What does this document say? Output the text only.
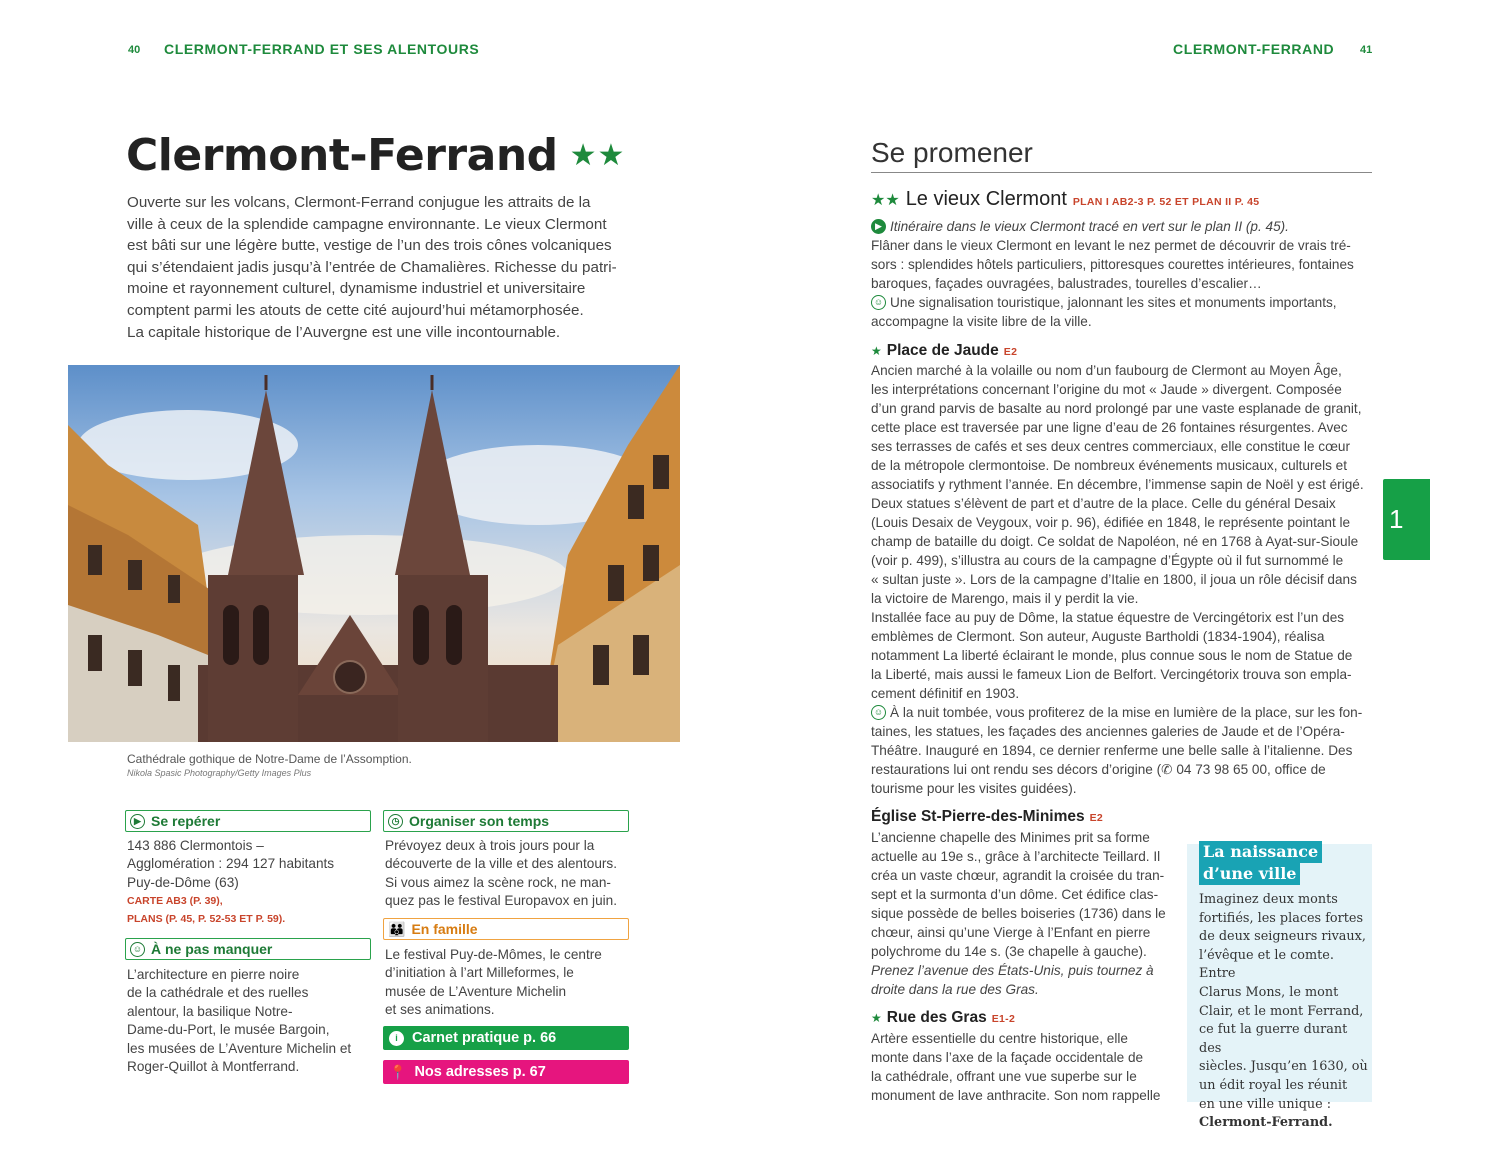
40 CLERMONT-FERRAND ET SES ALENTOURS
Clermont-Ferrand ★★
Ouverte sur les volcans, Clermont-Ferrand conjugue les attraits de la
ville à ceux de la splendide campagne environnante. Le vieux Clermont
est bâti sur une légère butte, vestige de l’un des trois cônes volcaniques
qui s’étendaient jadis jusqu’à l’entrée de Chamalières. Richesse du patri-
moine et rayonnement culturel, dynamisme industriel et universitaire
comptent parmi les atouts de cette cité aujourd’hui métamorphosée.
La capitale historique de l’Auvergne est une ville incontournable.
Cathédrale gothique de Notre-Dame de l’Assomption.
Nikola Spasic Photography/Getty Images Plus
▶ Se repérer
143 886 Clermontois –
Agglomération : 294 127 habitants
Puy-de-Dôme (63)
CARTE AB3 (P. 39),
PLANS (P. 45, P. 52-53 ET P. 59).
☺ À ne pas manquer
L’architecture en pierre noire
de la cathédrale et des ruelles
alentour, la basilique Notre-
Dame-du-Port, le musée Bargoin,
les musées de L’Aventure Michelin et
Roger-Quillot à Montferrand.
◷ Organiser son temps
Prévoyez deux à trois jours pour la
découverte de la ville et des alentours.
Si vous aimez la scène rock, ne man-
quez pas le festival Europavox en juin.
👪 En famille
Le festival Puy-de-Mômes, le centre
d’initiation à l’art Milleformes, le
musée de L’Aventure Michelin
et ses animations.
i Carnet pratique p. 66
📍 Nos adresses p. 67
CLERMONT-FERRAND 41
Se promener
★★ Le vieux Clermont PLAN I AB2-3 P. 52 ET PLAN II P. 45
▶ Itinéraire dans le vieux Clermont tracé en vert sur le plan II (p. 45).
Flâner dans le vieux Clermont en levant le nez permet de découvrir de vrais tré-
sors : splendides hôtels particuliers, pittoresques courettes intérieures, fontaines
baroques, façades ouvragées, balustrades, tourelles d’escalier…
☺ Une signalisation touristique, jalonnant les sites et monuments importants,
accompagne la visite libre de la ville.
★ Place de Jaude E2
Ancien marché à la volaille ou nom d’un faubourg de Clermont au Moyen Âge,
les interprétations concernant l’origine du mot « Jaude » divergent. Composée
d’un grand parvis de basalte au nord prolongé par une vaste esplanade de granit,
cette place est traversée par une ligne d’eau de 26 fontaines résurgentes. Avec
ses terrasses de cafés et ses deux centres commerciaux, elle constitue le cœur
de la métropole clermontoise. De nombreux événements musicaux, culturels et
associatifs y rythment l’année. En décembre, l’immense sapin de Noël y est érigé.
Deux statues s’élèvent de part et d’autre de la place. Celle du général Desaix
(Louis Desaix de Veygoux, voir p. 96), édifiée en 1848, le représente pointant le
champ de bataille du doigt. Ce soldat de Napoléon, né en 1768 à Ayat-sur-Sioule
(voir p. 499), s’illustra au cours de la campagne d’Égypte où il fut surnommé le
« sultan juste ». Lors de la campagne d’Italie en 1800, il joua un rôle décisif dans
la victoire de Marengo, mais il y perdit la vie.
Installée face au puy de Dôme, la statue équestre de Vercingétorix est l’un des
emblèmes de Clermont. Son auteur, Auguste Bartholdi (1834-1904), réalisa
notamment La liberté éclairant le monde, plus connue sous le nom de Statue de
la Liberté, mais aussi le fameux Lion de Belfort. Vercingétorix trouva son empla-
cement définitif en 1903.
☺ À la nuit tombée, vous profiterez de la mise en lumière de la place, sur les fon-
taines, les statues, les façades des anciennes galeries de Jaude et de l’Opéra-
Théâtre. Inauguré en 1894, ce dernier renferme une belle salle à l’italienne. Des
restaurations lui ont rendu ses décors d’origine (✆ 04 73 98 65 00, office de
tourisme pour les visites guidées).
Église St-Pierre-des-Minimes E2
L’ancienne chapelle des Minimes prit sa forme
actuelle au 19e s., grâce à l’architecte Teillard. Il
créa un vaste chœur, agrandit la croisée du tran-
sept et la surmonta d’un dôme. Cet édifice clas-
sique possède de belles boiseries (1736) dans le
chœur, ainsi qu’une Vierge à l’Enfant en pierre
polychrome du 14e s. (3e chapelle à gauche).
Prenez l’avenue des États-Unis, puis tournez à
droite dans la rue des Gras.
★ Rue des Gras E1-2
Artère essentielle du centre historique, elle
monte dans l’axe de la façade occidentale de
la cathédrale, offrant une vue superbe sur le
monument de lave anthracite. Son nom rappelle
La naissance
d’une ville
Imaginez deux monts
fortifiés, les places fortes
de deux seigneurs rivaux,
l’évêque et le comte. Entre
Clarus Mons, le mont
Clair, et le mont Ferrand,
ce fut la guerre durant des
siècles. Jusqu’en 1630, où
un édit royal les réunit
en une ville unique :
Clermont-Ferrand.
1
